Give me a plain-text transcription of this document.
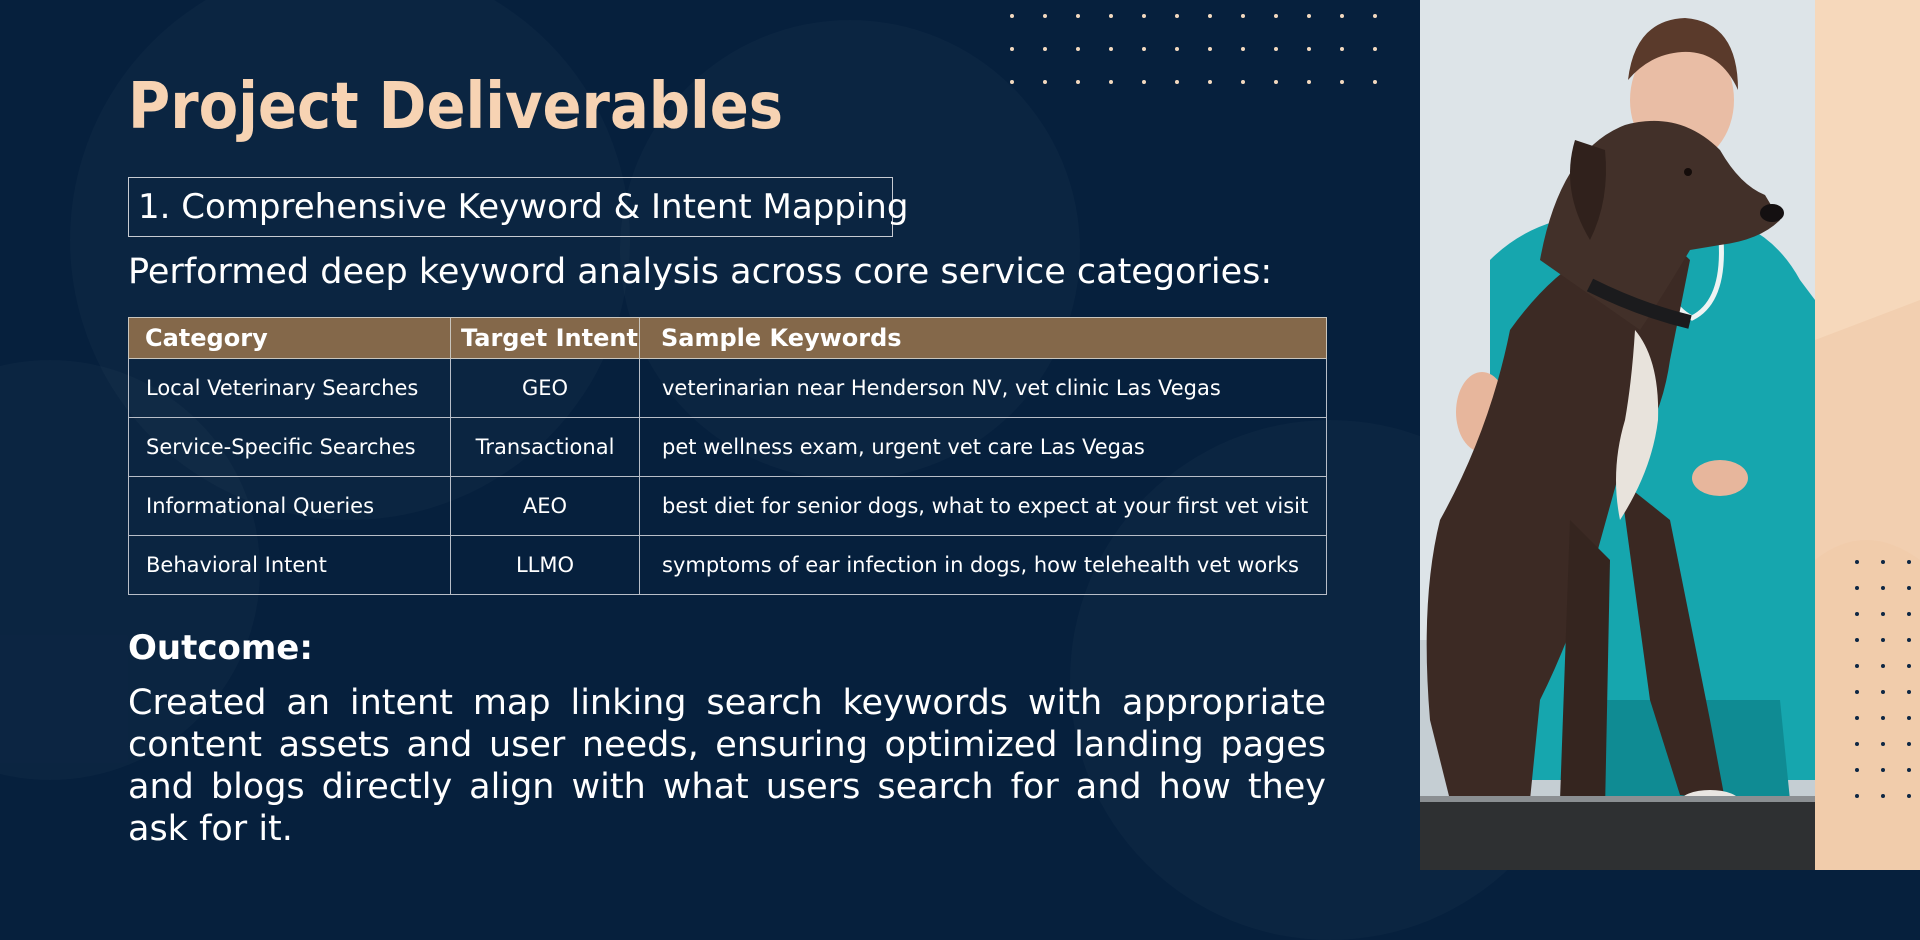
Project Deliverables
1. Comprehensive Keyword & Intent Mapping
Performed deep keyword analysis across core service categories:
Category	Target Intent	Sample Keywords
Local Veterinary Searches	GEO	veterinarian near Henderson NV, vet clinic Las Vegas
Service-Specific Searches	Transactional	pet wellness exam, urgent vet care Las Vegas
Informational Queries	AEO	best diet for senior dogs, what to expect at your first vet visit
Behavioral Intent	LLMO	symptoms of ear infection in dogs, how telehealth vet works
Outcome:

Created an intent map linking search keywords with appropriate content assets and user needs, ensuring optimized landing pages and blogs directly align with what users search for and how they ask for it.
